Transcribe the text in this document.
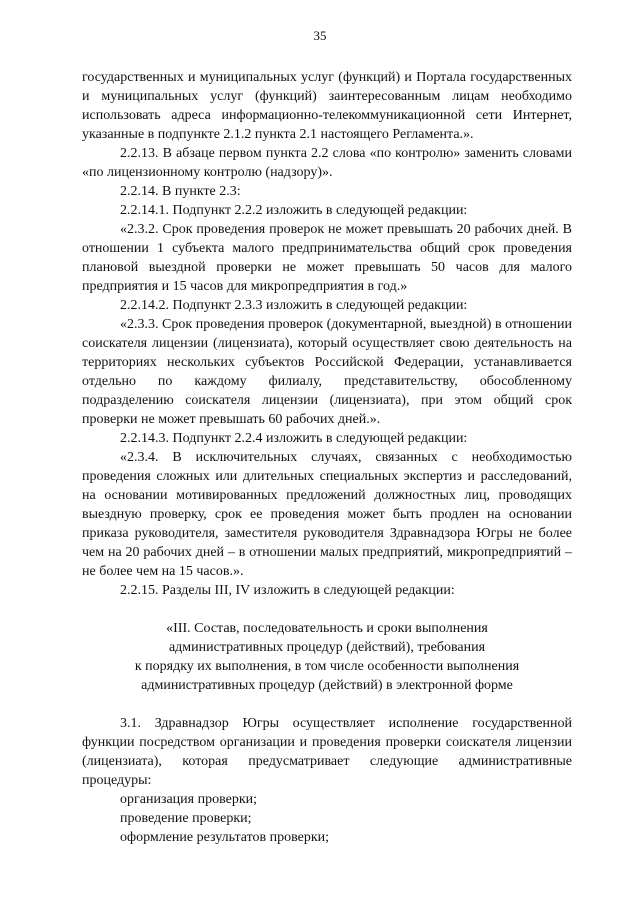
35

государственных и муниципальных услуг (функций) и Портала государственных и муниципальных услуг (функций) заинтересованным лицам необходимо использовать адреса информационно-телекоммуникационной сети Интернет, указанные в подпункте 2.1.2 пункта 2.1 настоящего Регламента.».

2.2.13. В абзаце первом пункта 2.2 слова «по контролю» заменить словами «по лицензионному контролю (надзору)».

2.2.14. В пункте 2.3:

2.2.14.1. Подпункт 2.2.2 изложить в следующей редакции:

«2.3.2. Срок проведения проверок не может превышать 20 рабочих дней. В отношении 1 субъекта малого предпринимательства общий срок проведения плановой выездной проверки не может превышать 50 часов для малого предприятия и 15 часов для микропредприятия в год.»

2.2.14.2. Подпункт 2.3.3 изложить в следующей редакции:

«2.3.3. Срок проведения проверок (документарной, выездной) в отношении соискателя лицензии (лицензиата), который осуществляет свою деятельность на территориях нескольких субъектов Российской Федерации, устанавливается отдельно по каждому филиалу, представительству, обособленному подразделению соискателя лицензии (лицензиата), при этом общий срок проверки не может превышать 60 рабочих дней.».

2.2.14.3. Подпункт 2.2.4 изложить в следующей редакции:

«2.3.4. В исключительных случаях, связанных с необходимостью проведения сложных или длительных специальных экспертиз и расследований, на основании мотивированных предложений должностных лиц, проводящих выездную проверку, срок ее проведения может быть продлен на основании приказа руководителя, заместителя руководителя Здравнадзора Югры не более чем на 20 рабочих дней – в отношении малых предприятий, микропредприятий – не более чем на 15 часов.».

2.2.15. Разделы III, IV изложить в следующей редакции:

«III. Состав, последовательность и сроки выполнения
административных процедур (действий), требования
к порядку их выполнения, в том числе особенности выполнения
административных процедур (действий) в электронной форме

3.1. Здравнадзор Югры осуществляет исполнение государственной функции посредством организации и проведения проверки соискателя лицензии (лицензиата), которая предусматривает следующие административные процедуры:

организация проверки;

проведение проверки;

оформление результатов проверки;
